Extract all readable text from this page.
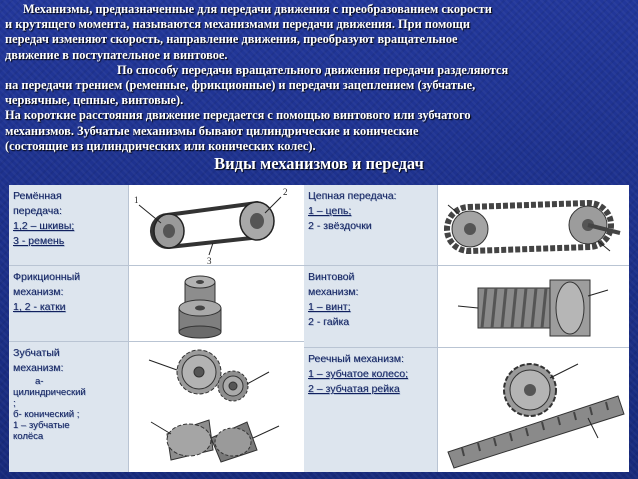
Механизмы, предназначенные для передачи движения с преобразованием скорости
и крутящего момента, называются механизмами передачи движения. При помощи
передач изменяют скорость, направление движения, преобразуют вращательное
движение в поступательное и винтовое.
По способу передачи вращательного движения передачи разделяются
на передачи трением (ременные, фрикционные) и передачи зацеплением (зубчатые,
червячные, цепные, винтовые).
На короткие расстояния движение передается с помощью винтового или зубчатого
механизмов. Зубчатые механизмы бывают цилиндрические и конические
(состоящие из цилиндрических или конических колес).
Виды механизмов и передач
Ремённая
передача:
1,2 – шкивы;
3 - ремень
1
2
3
Фрикционный
механизм:
1, 2 - катки
Зубчатый
механизм:
а-
цилиндрический
;
б- конический ;
1 – зубчатые
колёса
Цепная передача:
1 – цепь;
2 - звёздочки
Винтовой
механизм:
1 – винт;
2 - гайка
Реечный механизм:
1 – зубчатое колесо;
2 – зубчатая рейка
